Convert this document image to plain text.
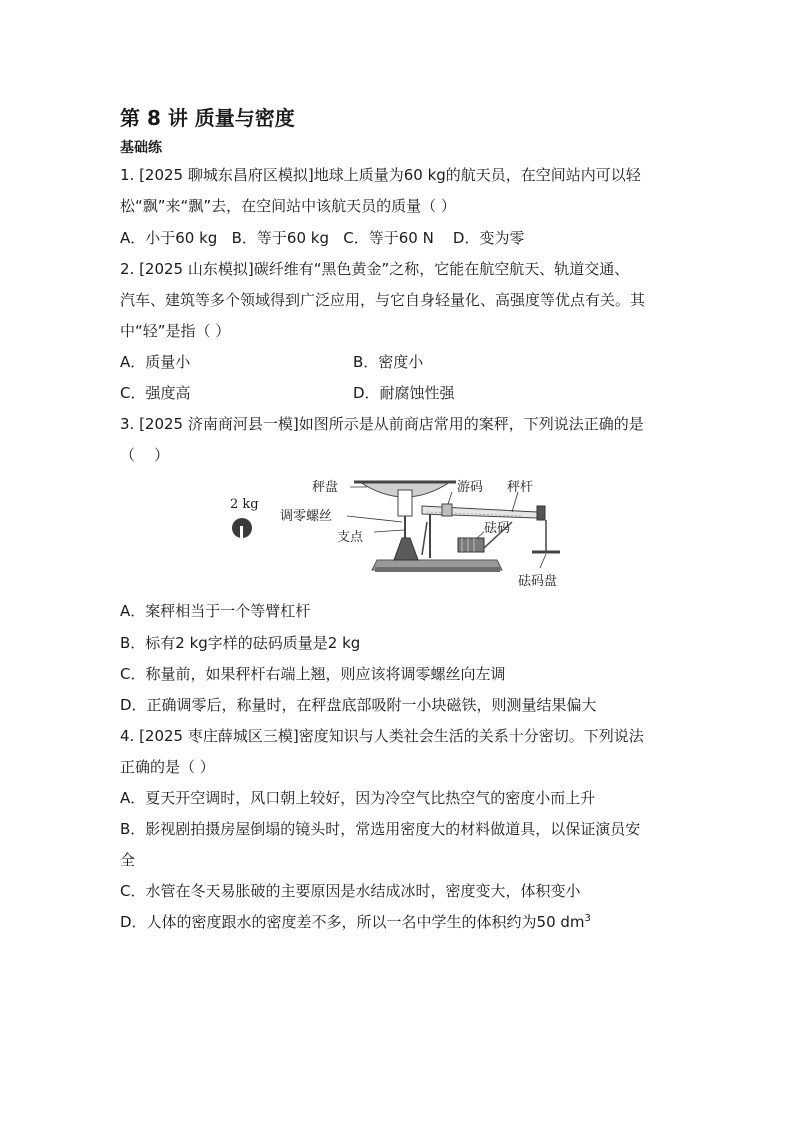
第 8 讲 质量与密度
基础练
1. [2025 聊城东昌府区模拟]地球上质量为60 kg的航天员，在空间站内可以轻
松“飘”来“飘”去，在空间站中该航天员的质量（ ）
A．小于60 kg   B．等于60 kg   C．等于60 N    D．变为零
2. [2025 山东模拟]碳纤维有“黑色黄金”之称，它能在航空航天、轨道交通、
汽车、建筑等多个领域得到广泛应用，与它自身轻量化、高强度等优点有关。其
中“轻”是指（ ）
A．质量小	B．密度小
C．强度高	D．耐腐蚀性强
3. [2025 济南商河县一模]如图所示是从前商店常用的案秤，下列说法正确的是
（    ）
2 kg
秤盘	游码 秤杆
调零螺丝
砝码
支点
砝码盘
A．案秤相当于一个等臂杠杆
B．标有2 kg字样的砝码质量是2 kg
C．称量前，如果秤杆右端上翘，则应该将调零螺丝向左调
D．正确调零后，称量时，在秤盘底部吸附一小块磁铁，则测量结果偏大
4. [2025 枣庄薛城区三模]密度知识与人类社会生活的关系十分密切。下列说法
正确的是（ ）
A．夏天开空调时，风口朝上较好，因为冷空气比热空气的密度小而上升
B．影视剧拍摄房屋倒塌的镜头时，常选用密度大的材料做道具，以保证演员安
全
C．水管在冬天易胀破的主要原因是水结成冰时，密度变大，体积变小
D．人体的密度跟水的密度差不多，所以一名中学生的体积约为50 $dm^3$
